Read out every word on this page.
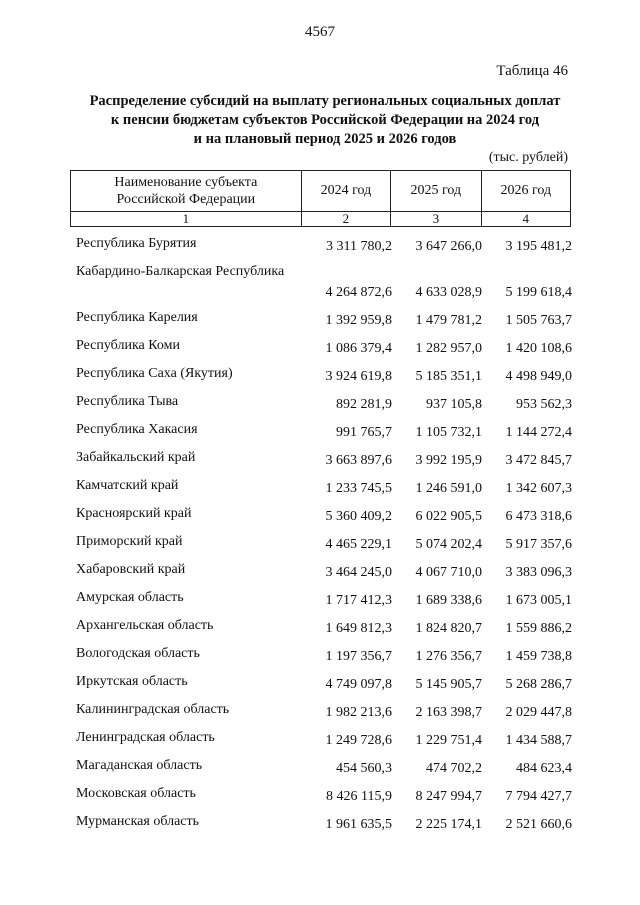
4567
Таблица 46
Распределение субсидий на выплату региональных социальных доплат
к пенсии бюджетам субъектов Российской Федерации на 2024 год
и на плановый период 2025 и 2026 годов
(тыс. рублей)
Наименование субъекта
Российской Федерации	2024 год	2025 год	2026 год
1	2	3	4
Республика Бурятия	3 311 780,2	3 647 266,0	3 195 481,2
Кабардино-Балкарская Республика
4 264 872,6	4 633 028,9	5 199 618,4
Республика Карелия	1 392 959,8	1 479 781,2	1 505 763,7
Республика Коми	1 086 379,4	1 282 957,0	1 420 108,6
Республика Саха (Якутия)	3 924 619,8	5 185 351,1	4 498 949,0
Республика Тыва	892 281,9	937 105,8	953 562,3
Республика Хакасия	991 765,7	1 105 732,1	1 144 272,4
Забайкальский край	3 663 897,6	3 992 195,9	3 472 845,7
Камчатский край	1 233 745,5	1 246 591,0	1 342 607,3
Красноярский край	5 360 409,2	6 022 905,5	6 473 318,6
Приморский край	4 465 229,1	5 074 202,4	5 917 357,6
Хабаровский край	3 464 245,0	4 067 710,0	3 383 096,3
Амурская область	1 717 412,3	1 689 338,6	1 673 005,1
Архангельская область	1 649 812,3	1 824 820,7	1 559 886,2
Вологодская область	1 197 356,7	1 276 356,7	1 459 738,8
Иркутская область	4 749 097,8	5 145 905,7	5 268 286,7
Калининградская область	1 982 213,6	2 163 398,7	2 029 447,8
Ленинградская область	1 249 728,6	1 229 751,4	1 434 588,7
Магаданская область	454 560,3	474 702,2	484 623,4
Московская область	8 426 115,9	8 247 994,7	7 794 427,7
Мурманская область	1 961 635,5	2 225 174,1	2 521 660,6
